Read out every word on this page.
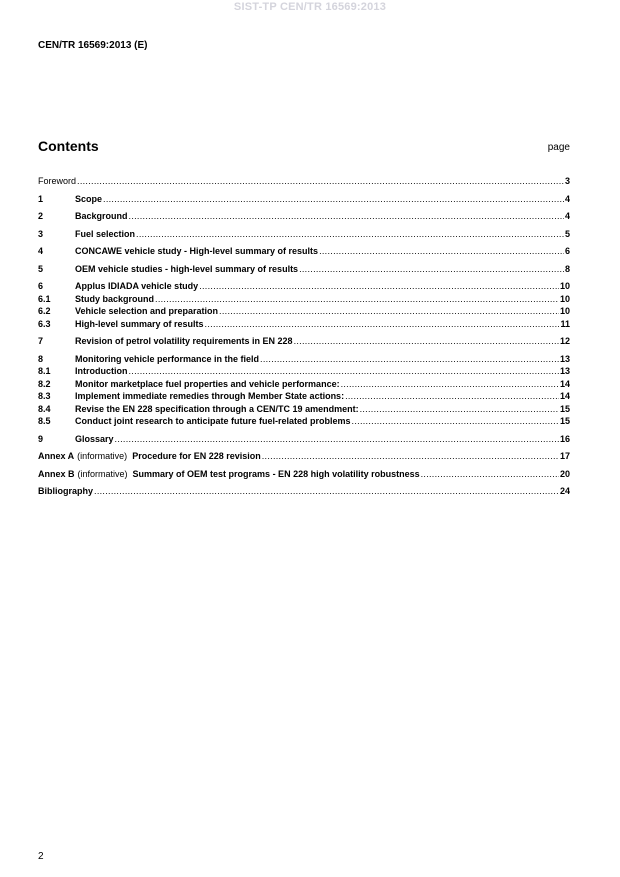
SIST-TP CEN/TR 16569:2013
CEN/TR 16569:2013 (E)
Contents	page
Foreword .....	3
1	Scope .....	4
2	Background .....	4
3	Fuel selection .....	5
4	CONCAWE vehicle study - High-level summary of results .....	6
5	OEM vehicle studies - high-level summary of results .....	8
6	Applus IDIADA vehicle study .....	10
6.1	Study background .....	10
6.2	Vehicle selection and preparation .....	10
6.3	High-level summary of results .....	11
7	Revision of petrol volatility requirements in EN 228 .....	12
8	Monitoring vehicle performance in the field .....	13
8.1	Introduction .....	13
8.2	Monitor marketplace fuel properties and vehicle performance: .....	14
8.3	Implement immediate remedies through Member State actions: .....	14
8.4	Revise the EN 228 specification through a CEN/TC 19 amendment: .....	15
8.5	Conduct joint research to anticipate future fuel-related problems .....	15
9	Glossary .....	16
Annex A (informative) Procedure for EN 228 revision .....	17
Annex B (informative) Summary of OEM test programs - EN 228 high volatility robustness .....	20
Bibliography .....	24
2
